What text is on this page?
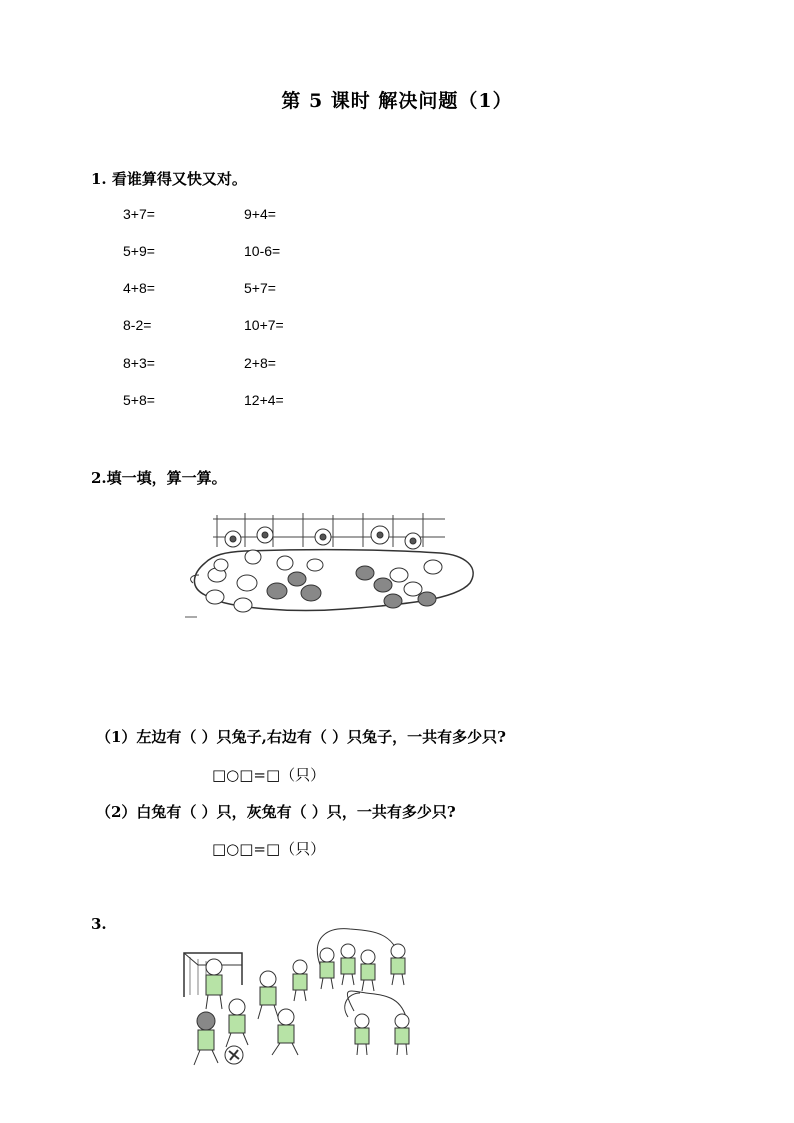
第 5 课时 解决问题（1）
1. 看谁算得又快又对。
3+7=
5+9=
4+8=
8-2=
8+3=
5+8=
9+4=
10-6=
5+7=
10+7=
2+8=
12+4=
2.填一填，算一算。
（1）左边有（ ）只兔子,右边有（ ）只兔子，一共有多少只?
□○□=□（只）
（2）白兔有（ ）只，灰兔有（ ）只，一共有多少只?
□○□=□（只）
3.
